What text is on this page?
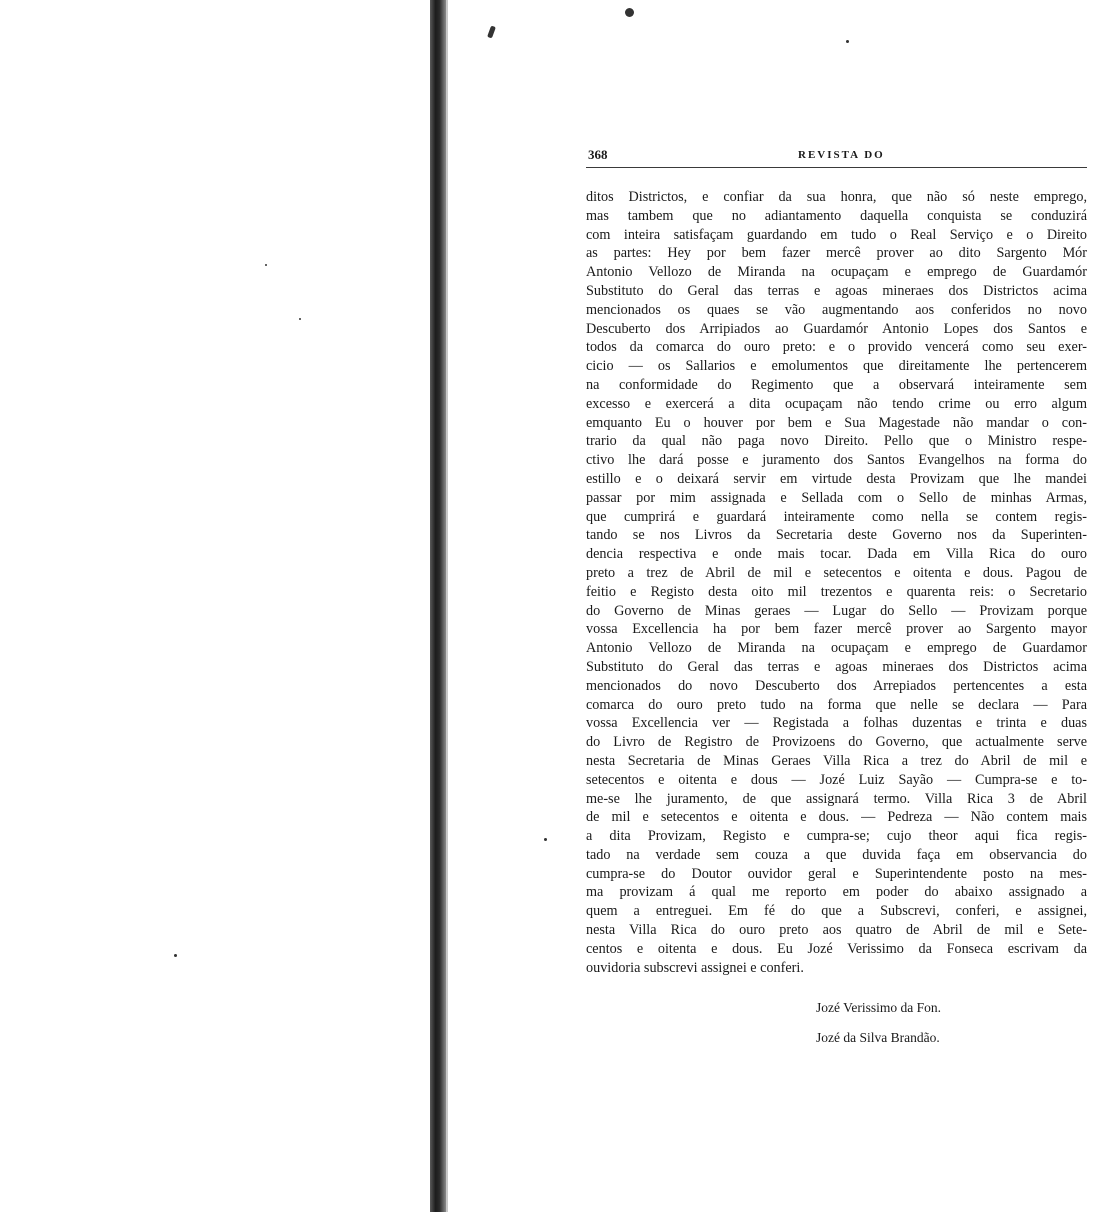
368	REVISTA DO
ditos Districtos, e confiar da sua honra, que não só neste emprego,
mas tambem que no adiantamento daquella conquista se conduzirá
com inteira satisfaçam guardando em tudo o Real Serviço e o Direito
as partes: Hey por bem fazer mercê prover ao dito Sargento Mór
Antonio Vellozo de Miranda na ocupaçam e emprego de Guardamór
Substituto do Geral das terras e agoas mineraes dos Districtos acima
mencionados os quaes se vão augmentando aos conferidos no novo
Descuberto dos Arripiados ao Guardamór Antonio Lopes dos Santos e
todos da comarca do ouro preto: e o provido vencerá como seu exer-
cicio — os Sallarios e emolumentos que direitamente lhe pertencerem
na conformidade do Regimento que a observará inteiramente sem
excesso e exercerá a dita ocupaçam não tendo crime ou erro algum
emquanto Eu o houver por bem e Sua Magestade não mandar o con-
trario da qual não paga novo Direito. Pello que o Ministro respe-
ctivo lhe dará posse e juramento dos Santos Evangelhos na forma do
estillo e o deixará servir em virtude desta Provizam que lhe mandei
passar por mim assignada e Sellada com o Sello de minhas Armas,
que cumprirá e guardará inteiramente como nella se contem regis-
tando se nos Livros da Secretaria deste Governo nos da Superinten-
dencia respectiva e onde mais tocar. Dada em Villa Rica do ouro
preto a trez de Abril de mil e setecentos e oitenta e dous. Pagou de
feitio e Registo desta oito mil trezentos e quarenta reis: o Secretario
do Governo de Minas geraes — Lugar do Sello — Provizam porque
vossa Excellencia ha por bem fazer mercê prover ao Sargento mayor
Antonio Vellozo de Miranda na ocupaçam e emprego de Guardamor
Substituto do Geral das terras e agoas mineraes dos Districtos acima
mencionados do novo Descuberto dos Arrepiados pertencentes a esta
comarca do ouro preto tudo na forma que nelle se declara — Para
vossa Excellencia ver — Registada a folhas duzentas e trinta e duas
do Livro de Registro de Provizoens do Governo, que actualmente serve
nesta Secretaria de Minas Geraes Villa Rica a trez do Abril de mil e
setecentos e oitenta e dous — Jozé Luiz Sayão — Cumpra-se e to-
me-se lhe juramento, de que assignará termo. Villa Rica 3 de Abril
de mil e setecentos e oitenta e dous. — Pedreza — Não contem mais
a dita Provizam, Registo e cumpra-se; cujo theor aqui fica regis-
tado na verdade sem couza a que duvida faça em observancia do
cumpra-se do Doutor ouvidor geral e Superintendente posto na mes-
ma provizam á qual me reporto em poder do abaixo assignado a
quem a entreguei. Em fé do que a Subscrevi, conferi, e assignei,
nesta Villa Rica do ouro preto aos quatro de Abril de mil e Sete-
centos e oitenta e dous. Eu Jozé Verissimo da Fonseca escrivam da
ouvidoria subscrevi assignei e conferi.
Jozé Verissimo da Fon.
Jozé da Silva Brandão.
